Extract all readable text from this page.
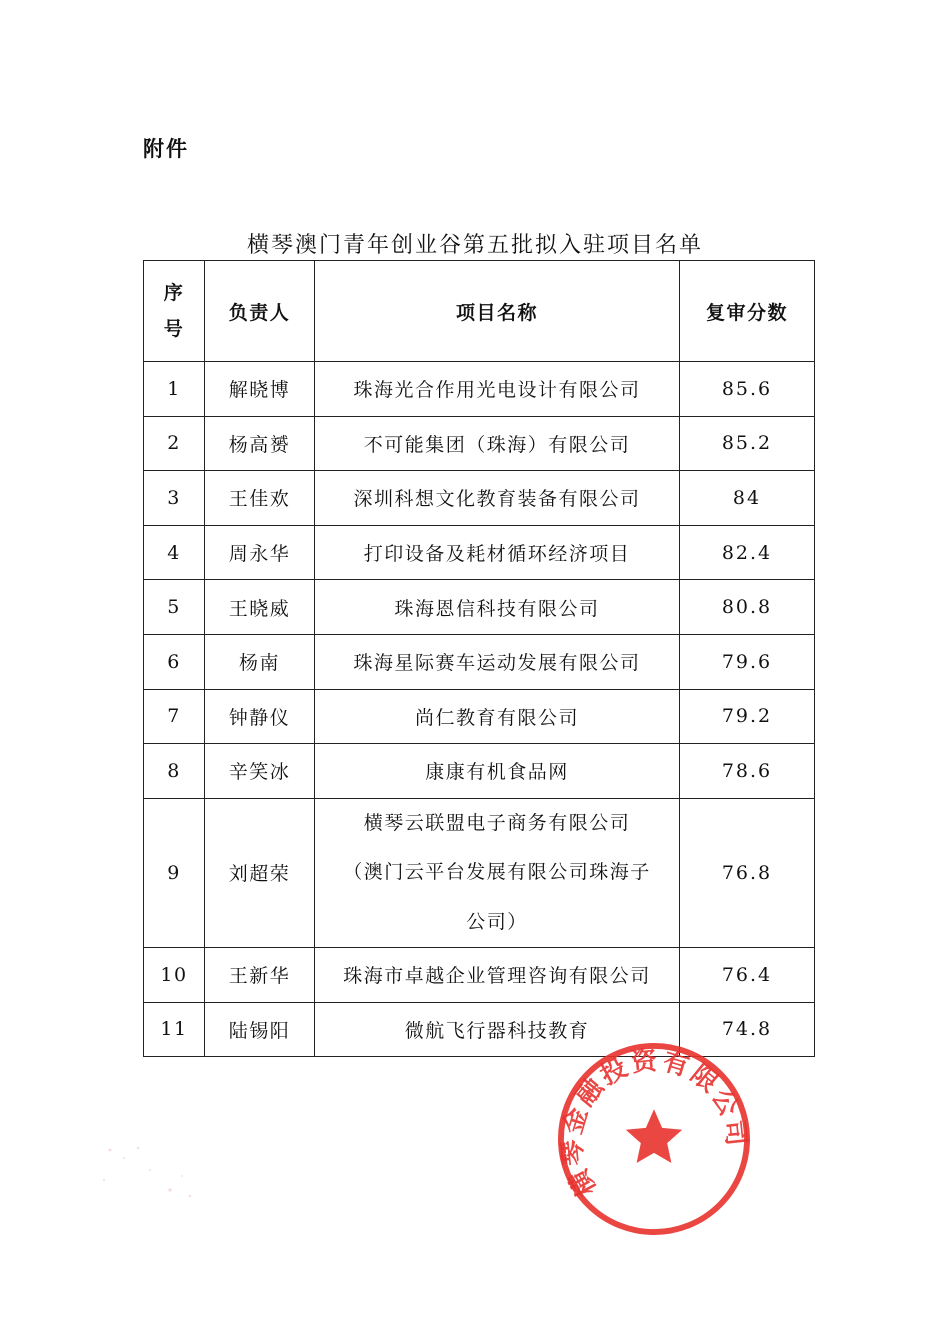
附件
横琴澳门青年创业谷第五批拟入驻项目名单
序
号	负责人	项目名称	复审分数
1	解晓博	珠海光合作用光电设计有限公司	85.6
2	杨高赟	不可能集团（珠海）有限公司	85.2
3	王佳欢	深圳科想文化教育装备有限公司	84
4	周永华	打印设备及耗材循环经济项目	82.4
5	王晓威	珠海恩信科技有限公司	80.8
6	杨南	珠海星际赛车运动发展有限公司	79.6
7	钟静仪	尚仁教育有限公司	79.2
8	辛笑冰	康康有机食品网	78.6
9	刘超荣	横琴云联盟电子商务有限公司
（澳门云平台发展有限公司珠海子
公司）	76.8
10	王新华	珠海市卓越企业管理咨询有限公司	76.4
11	陆锡阳	微航飞行器科技教育	74.8
横琴金融投资有限公司
